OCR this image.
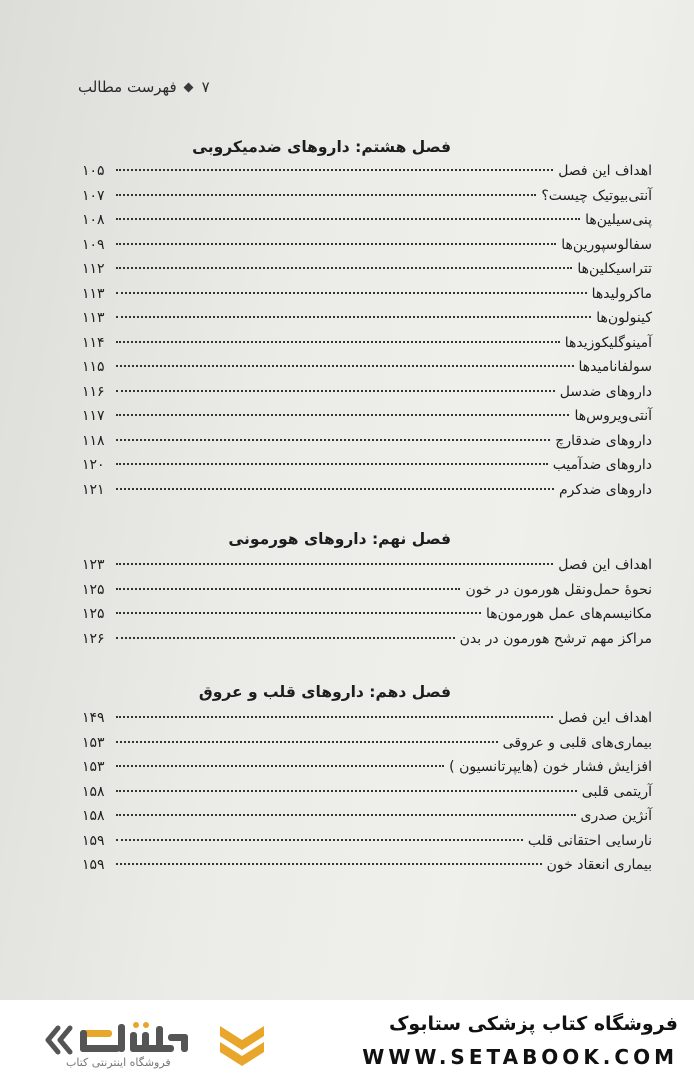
فهرست مطالب ۷
فصل هشتم: داروهای ضدمیکروبی
اهداف این فصل
۱۰۵
آنتی‌بیوتیک چیست؟
۱۰۷
پنی‌سیلین‌ها
۱۰۸
سفالوسپورین‌ها
۱۰۹
تتراسیکلین‌ها
۱۱۲
ماکرولیدها
۱۱۳
کینولون‌ها
۱۱۳
آمینوگلیکوزیدها
۱۱۴
سولفانامیدها
۱۱۵
داروهای ضدسل
۱۱۶
آنتی‌ویروس‌ها
۱۱۷
داروهای ضدقارچ
۱۱۸
داروهای ضدآمیب
۱۲۰
داروهای ضدکرم
۱۲۱
فصل نهم: داروهای هورمونی
اهداف این فصل
۱۲۳
نحوهٔ حمل‌ونقل هورمون در خون
۱۲۵
مکانیسم‌های عمل هورمون‌ها
۱۲۵
مراکز مهم ترشح هورمون در بدن
۱۲۶
فصل دهم: داروهای قلب و عروق
اهداف این فصل
۱۴۹
بیماری‌های قلبی و عروقی
۱۵۳
افزایش فشار خون (هایپرتانسیون )
۱۵۳
آریتمی قلبی
۱۵۸
آنژین صدری
۱۵۸
نارسایی احتقانی قلب
۱۵۹
بیماری انعقاد خون
۱۵۹
فروشگاه اینترنتی کتاب
فروشگاه کتاب پزشکی ستابوک
WWW.SETABOOK.COM
